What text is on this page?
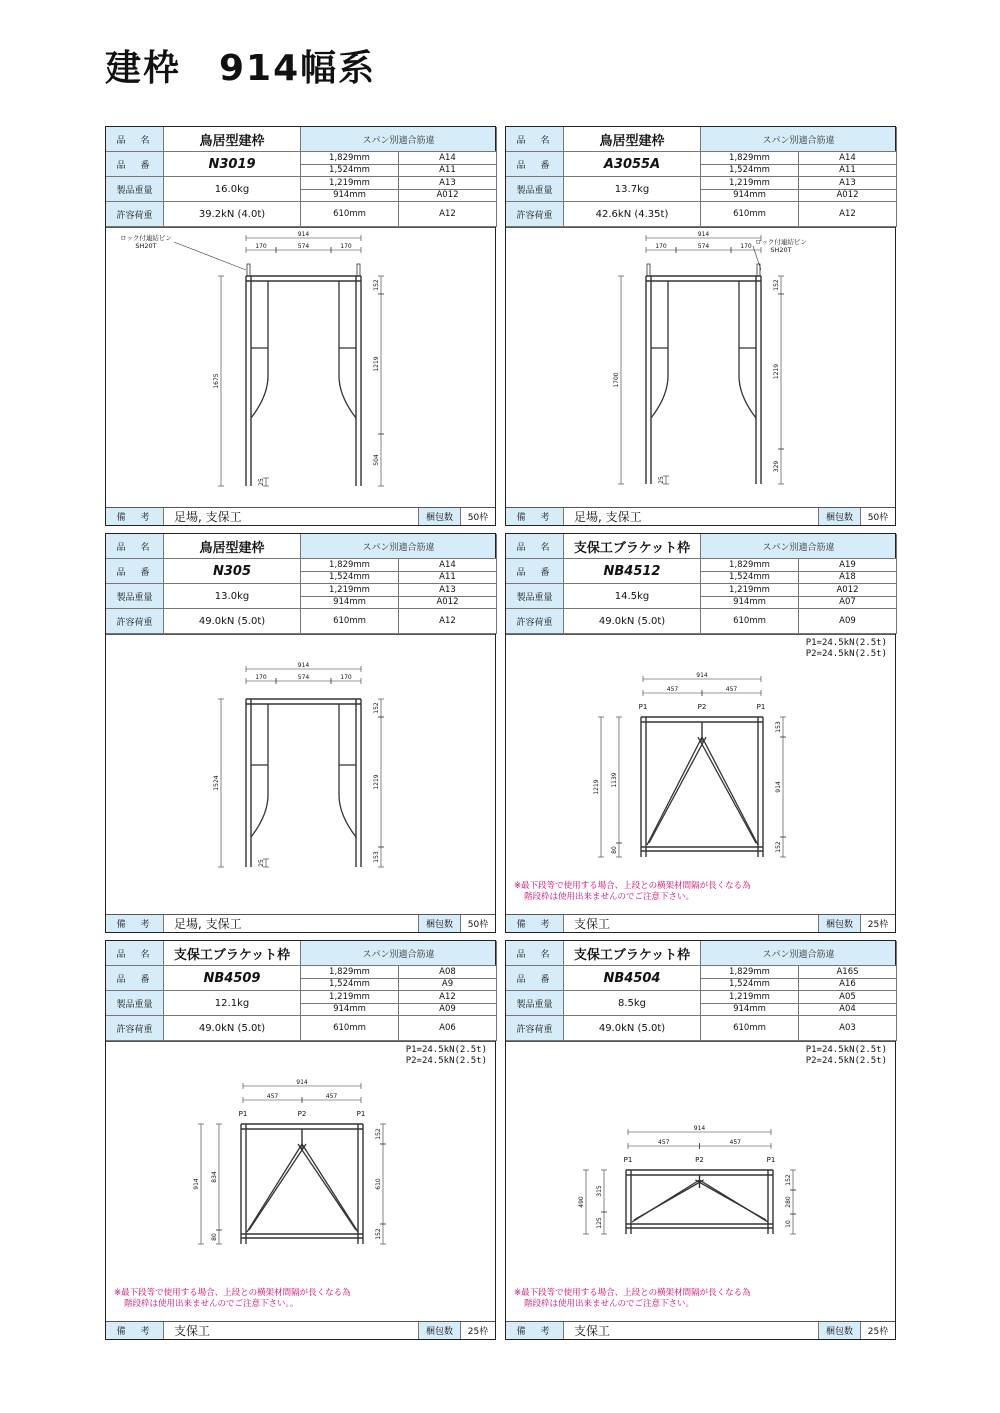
建枠　914幅系
品　名	鳥居型建枠	スパン別適合筋違
品　番	N3019
製品重量	16.0kg
許容荷重	39.2kN (4.0t)
1,829mm	A14
1,524mm	A11
1,219mm	A13
914mm	A012
610mm	A12
914
170	574	170
1675
152
1219
504
25
ロック付連結ピン
SH20T
備　考	足場, 支保工	梱包数	50枠
品　名	鳥居型建枠	スパン別適合筋違
品　番	A3055A
製品重量	13.7kg
許容荷重	42.6kN (4.35t)
1,829mm	A14
1,524mm	A11
1,219mm	A13
914mm	A012
610mm	A12
914
170	574	170
1700
152
1219
329
25
ロック付連結ピン
SH20T
備　考	足場, 支保工	梱包数	50枠
品　名	鳥居型建枠	スパン別適合筋違
品　番	N305
製品重量	13.0kg
許容荷重	49.0kN (5.0t)
1,829mm	A14
1,524mm	A11
1,219mm	A13
914mm	A012
610mm	A12
914
170	574	170
1524
152
1219
153
25
備　考	足場, 支保工	梱包数	50枠
品　名	支保工ブラケット枠	スパン別適合筋違
品　番	NB4512
製品重量	14.5kg
許容荷重	49.0kN (5.0t)
1,829mm	A19
1,524mm	A18
1,219mm	A012
914mm	A07
610mm	A09
P1	P2	P1
914
457	457
1219 1139
80
153
914
152
P1=24.5kN(2.5t)
P2=24.5kN(2.5t)
※最下段等で使用する場合、上段との横架材間隔が長くなる為
階段枠は使用出来ませんのでご注意下さい。
備　考	支保工	梱包数	25枠
品　名	支保工ブラケット枠	スパン別適合筋違
品　番	NB4509
製品重量	12.1kg
許容荷重	49.0kN (5.0t)
1,829mm	A08
1,524mm	A9
1,219mm	A12
914mm	A09
610mm	A06
P1	P2	P1
914
457	457
914
834
80
152
610
152
P1=24.5kN(2.5t)
P2=24.5kN(2.5t)
※最下段等で使用する場合、上段との横架材間隔が長くなる為
階段枠は使用出来ませんのでご注意下さい。。
備　考	支保工	梱包数	25枠
品　名	支保工ブラケット枠	スパン別適合筋違
品　番	NB4504
製品重量	8.5kg
許容荷重	49.0kN (5.0t)
1,829mm	A16S
1,524mm	A16
1,219mm	A05
914mm	A04
610mm	A03
P1	P2	P1
914
457	457
490
315
125
152
280
10
P1=24.5kN(2.5t)
P2=24.5kN(2.5t)
※最下段等で使用する場合、上段との横架材間隔が長くなる為
階段枠は使用出来ませんのでご注意下さい。
備　考	支保工	梱包数	25枠
